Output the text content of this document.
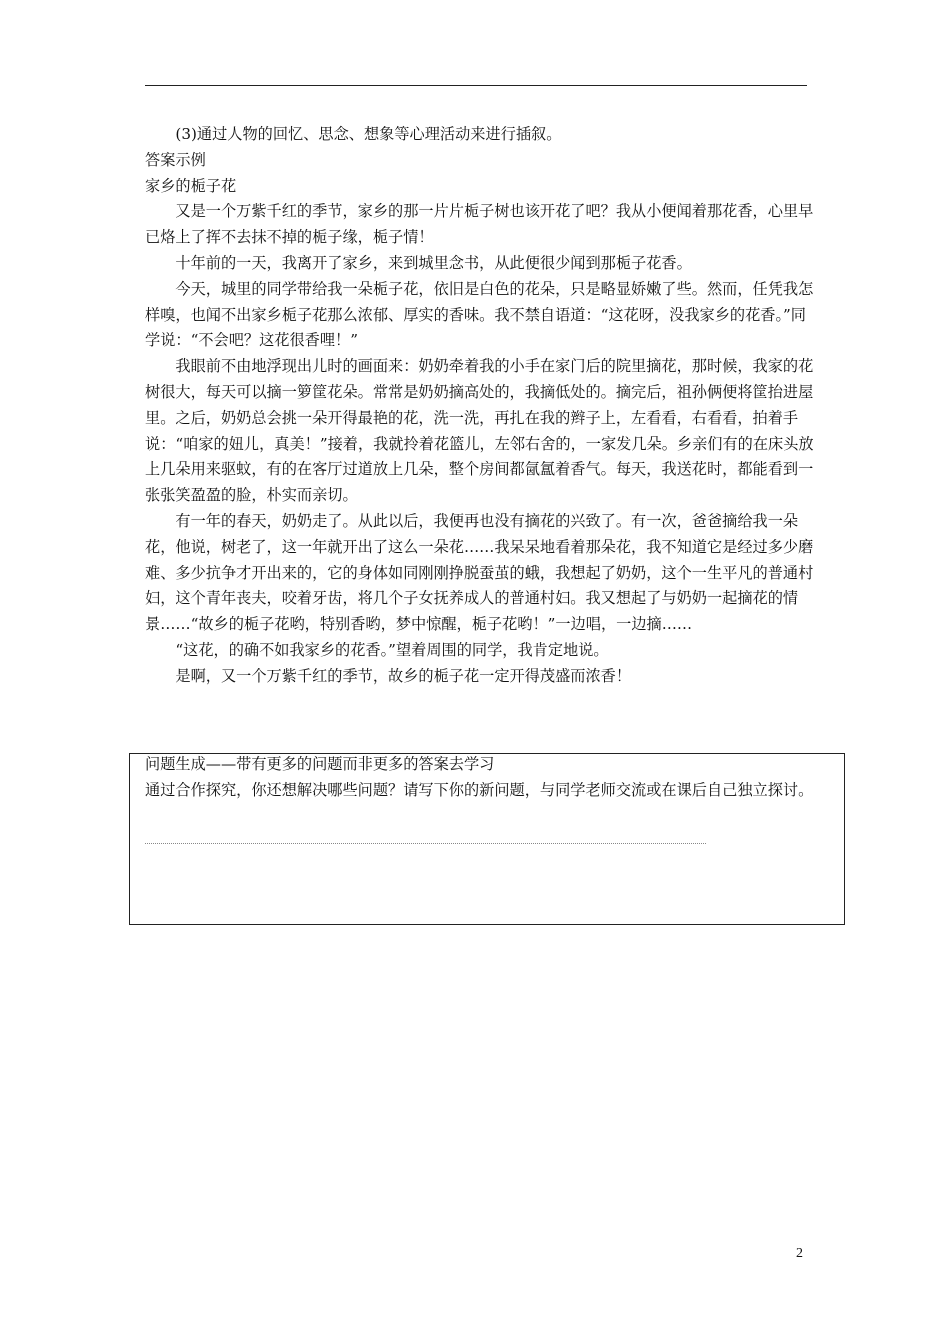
(3)通过人物的回忆、思念、想象等心理活动来进行插叙。

答案示例

家乡的栀子花

又是一个万紫千红的季节，家乡的那一片片栀子树也该开花了吧？我从小便闻着那花香，心里早已烙上了挥不去抹不掉的栀子缘，栀子情！

十年前的一天，我离开了家乡，来到城里念书，从此便很少闻到那栀子花香。

今天，城里的同学带给我一朵栀子花，依旧是白色的花朵，只是略显娇嫩了些。然而，任凭我怎样嗅，也闻不出家乡栀子花那么浓郁、厚实的香味。我不禁自语道：“这花呀，没我家乡的花香。”同学说：“不会吧？这花很香哩！”

我眼前不由地浮现出儿时的画面来：奶奶牵着我的小手在家门后的院里摘花，那时候，我家的花树很大，每天可以摘一箩筐花朵。常常是奶奶摘高处的，我摘低处的。摘完后，祖孙俩便将筐抬进屋里。之后，奶奶总会挑一朵开得最艳的花，洗一洗，再扎在我的辫子上，左看看，右看看，拍着手说：“咱家的妞儿，真美！”接着，我就拎着花篮儿，左邻右舍的，一家发几朵。乡亲们有的在床头放上几朵用来驱蚊，有的在客厅过道放上几朵，整个房间都氤氲着香气。每天，我送花时，都能看到一张张笑盈盈的脸，朴实而亲切。

有一年的春天，奶奶走了。从此以后，我便再也没有摘花的兴致了。有一次，爸爸摘给我一朵花，他说，树老了，这一年就开出了这么一朵花……我呆呆地看着那朵花，我不知道它是经过多少磨难、多少抗争才开出来的，它的身体如同刚刚挣脱蚕茧的蛾，我想起了奶奶，这个一生平凡的普通村妇，这个青年丧夫，咬着牙齿，将几个子女抚养成人的普通村妇。我又想起了与奶奶一起摘花的情景……“故乡的栀子花哟，特别香哟，梦中惊醒，栀子花哟！”一边唱，一边摘……

“这花，的确不如我家乡的花香。”望着周围的同学，我肯定地说。

是啊，又一个万紫千红的季节，故乡的栀子花一定开得茂盛而浓香！

问题生成——带有更多的问题而非更多的答案去学习

通过合作探究，你还想解决哪些问题？请写下你的新问题，与同学老师交流或在课后自己独立探讨。

2
